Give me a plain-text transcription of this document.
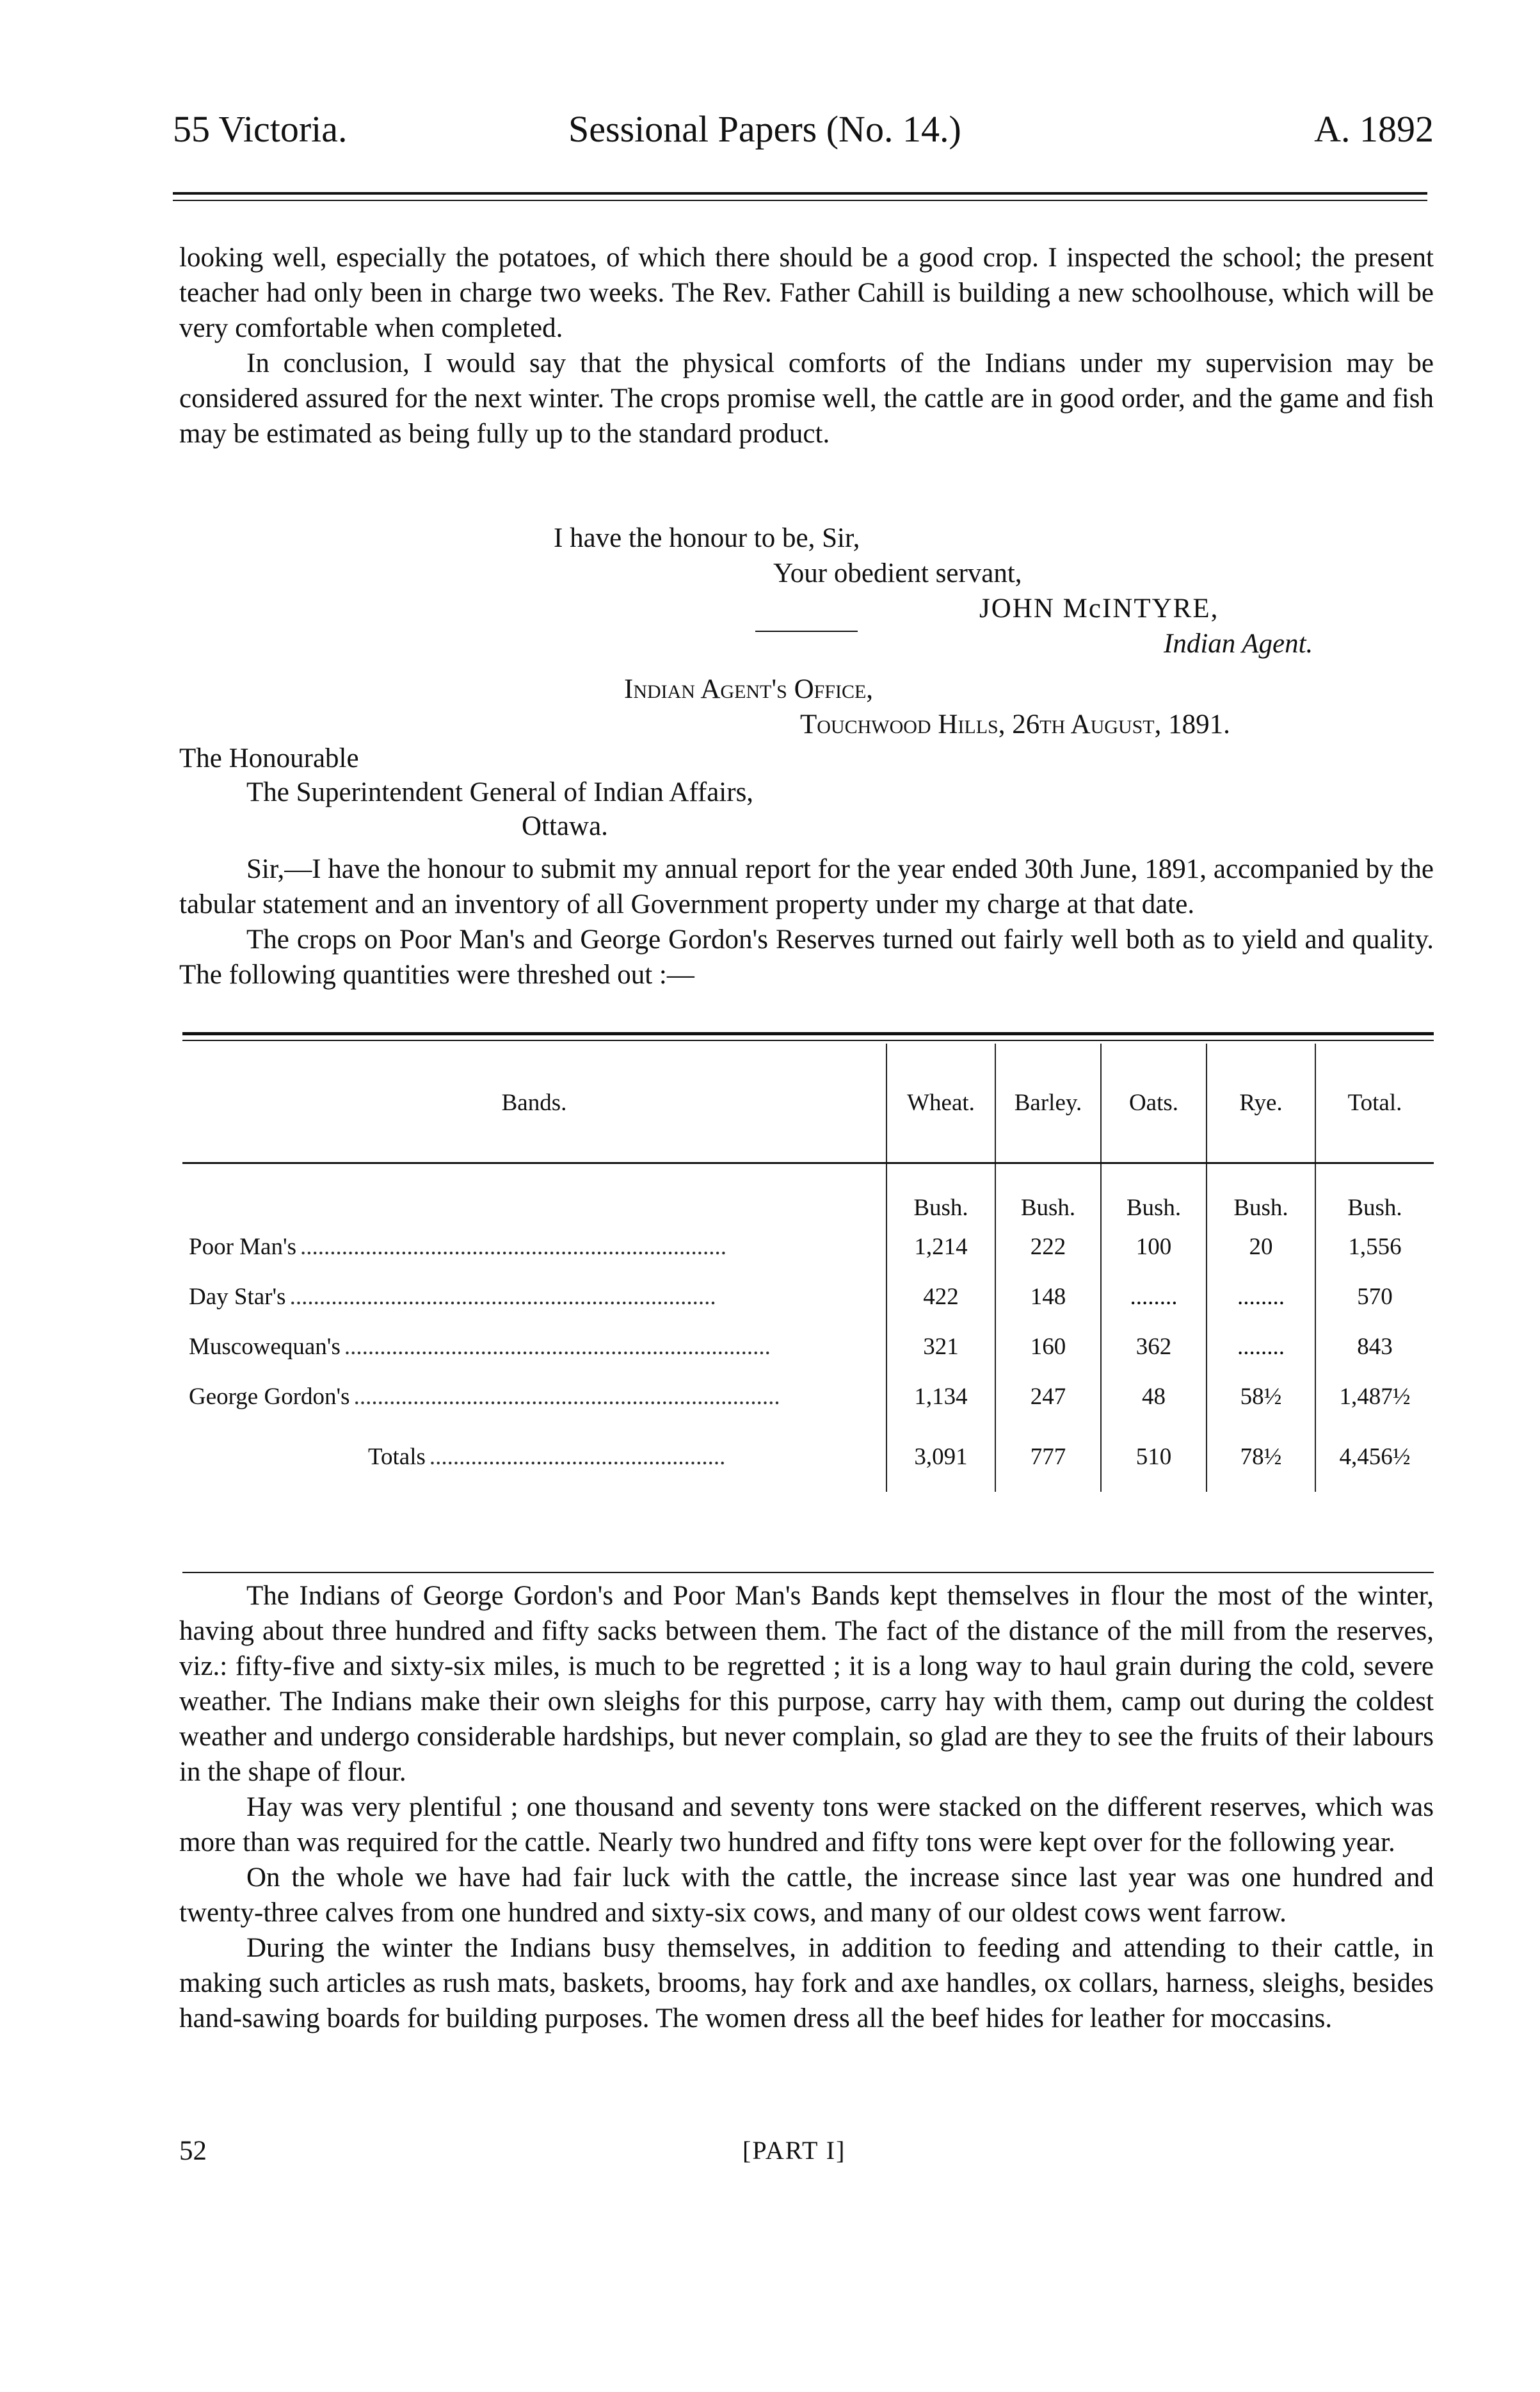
55 Victoria.	Sessional Papers (No. 14.)	A. 1892

looking well, especially the potatoes, of which there should be a good crop. I inspected the school; the present teacher had only been in charge two weeks. The Rev. Father Cahill is building a new schoolhouse, which will be very comfortable when completed.

In conclusion, I would say that the physical comforts of the Indians under my supervision may be considered assured for the next winter. The crops promise well, the cattle are in good order, and the game and fish may be estimated as being fully up to the standard product.

I have the honour to be, Sir,
Your obedient servant,
JOHN McINTYRE,
Indian Agent.
Indian Agent's Office,
Touchwood Hills, 26th August, 1891.
The Honourable
The Superintendent General of Indian Affairs,
Ottawa.

Sir,—I have the honour to submit my annual report for the year ended 30th June, 1891, accompanied by the tabular statement and an inventory of all Government property under my charge at that date.

The crops on Poor Man's and George Gordon's Reserves turned out fairly well both as to yield and quality. The following quantities were threshed out :—

Bands.	Wheat.	Barley.	Oats.	Rye.	Total.
	Bush.	Bush.	Bush.	Bush.	Bush.
Poor Man's ........................................................................	1,214	222	100	20	1,556
Day Star's ........................................................................	422	148	........	........	570
Muscowequan's ........................................................................	321	160	362	........	843
George Gordon's ........................................................................	1,134	247	48	58½	1,487½
Totals ..................................................	3,091	777	510	78½	4,456½

The Indians of George Gordon's and Poor Man's Bands kept themselves in flour the most of the winter, having about three hundred and fifty sacks between them. The fact of the distance of the mill from the reserves, viz.: fifty-five and sixty-six miles, is much to be regretted ; it is a long way to haul grain during the cold, severe weather. The Indians make their own sleighs for this purpose, carry hay with them, camp out during the coldest weather and undergo considerable hardships, but never complain, so glad are they to see the fruits of their labours in the shape of flour.

Hay was very plentiful ; one thousand and seventy tons were stacked on the different reserves, which was more than was required for the cattle. Nearly two hundred and fifty tons were kept over for the following year.

On the whole we have had fair luck with the cattle, the increase since last year was one hundred and twenty-three calves from one hundred and sixty-six cows, and many of our oldest cows went farrow.

During the winter the Indians busy themselves, in addition to feeding and attending to their cattle, in making such articles as rush mats, baskets, brooms, hay fork and axe handles, ox collars, harness, sleighs, besides hand-sawing boards for building purposes. The women dress all the beef hides for leather for moccasins.

52	[PART I]
